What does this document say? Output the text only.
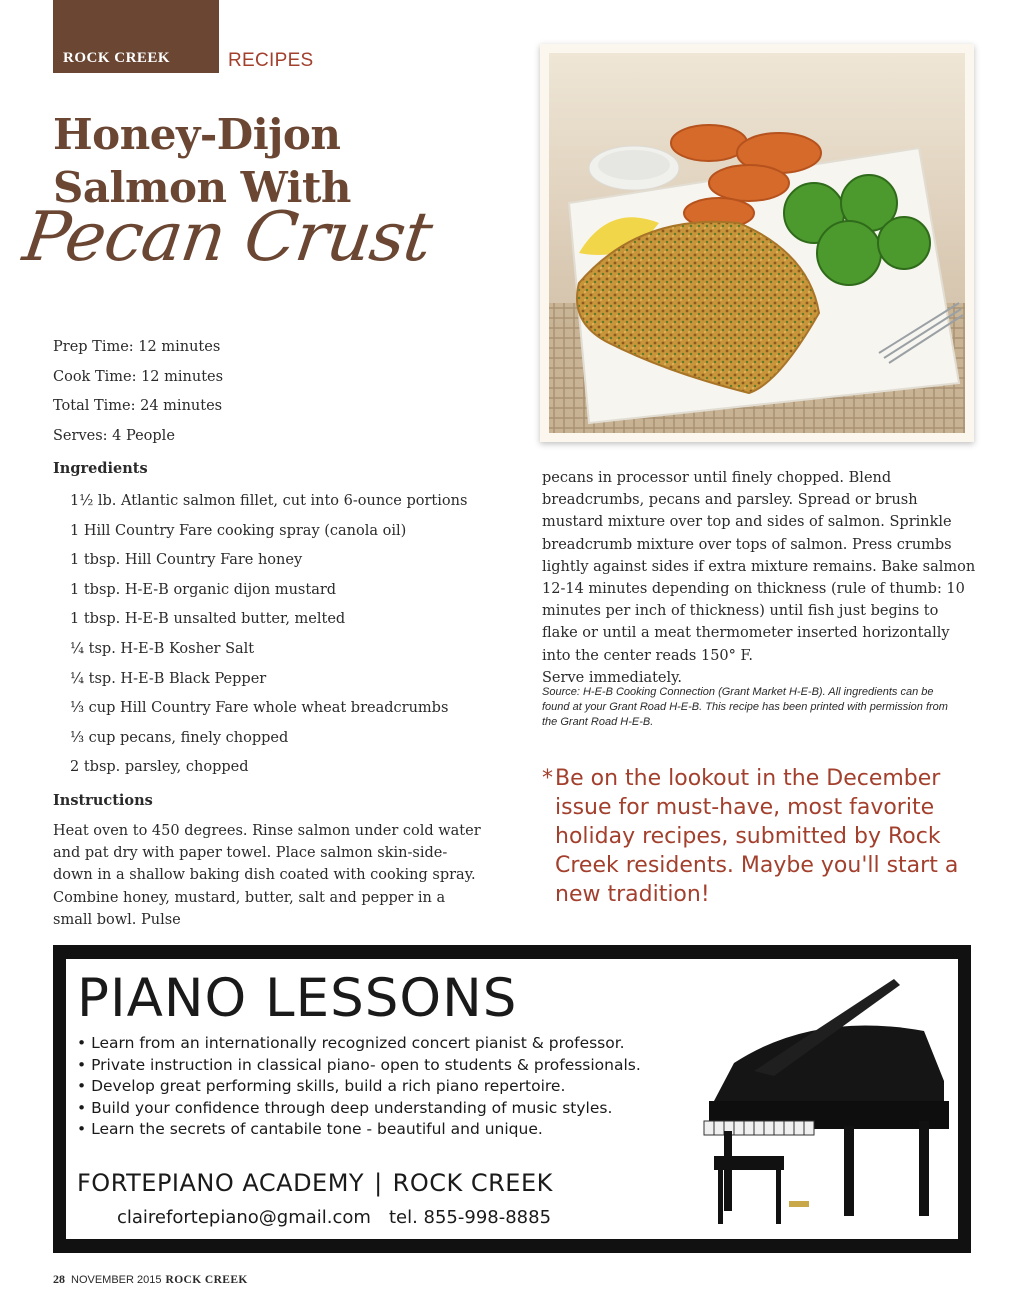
ROCK CREEK	RECIPES
Honey-Dijon
Salmon With
Pecan Crust
Prep Time: 12 minutes
Cook Time: 12 minutes
Total Time: 24 minutes
Serves: 4 People
Ingredients
1½ lb. Atlantic salmon fillet, cut into 6-ounce portions
1 Hill Country Fare cooking spray (canola oil)
1 tbsp. Hill Country Fare honey
1 tbsp. H-E-B organic dijon mustard
1 tbsp. H-E-B unsalted butter, melted
¼ tsp. H-E-B Kosher Salt
¼ tsp. H-E-B Black Pepper
⅓ cup Hill Country Fare whole wheat breadcrumbs
⅓ cup pecans, finely chopped
2 tbsp. parsley, chopped
Instructions

Heat oven to 450 degrees. Rinse salmon under cold water and pat dry with paper towel. Place salmon skin-side-down in a shallow baking dish coated with cooking spray. Combine honey, mustard, butter, salt and pepper in a small bowl. Pulse

pecans in processor until finely chopped. Blend breadcrumbs, pecans and parsley. Spread or brush mustard mixture over top and sides of salmon. Sprinkle breadcrumb mixture over tops of salmon. Press crumbs lightly against sides if extra mixture remains. Bake salmon 12-14 minutes depending on thickness (rule of thumb: 10 minutes per inch of thickness) until fish just begins to flake or until a meat thermometer inserted horizontally into the center reads 150° F.

Serve immediately.

Source: H-E-B Cooking Connection (Grant Market H-E-B). All ingredients can be found at your Grant Road H-E-B. This recipe has been printed with permission from the Grant Road H-E-B.

* Be on the lookout in the December issue for must-have, most favorite holiday recipes, submitted by Rock Creek residents. Maybe you'll start a new tradition!
PIANO LESSONS
• Learn from an internationally recognized concert pianist & professor.
• Private instruction in classical piano- open to students & professionals.
• Develop great performing skills, build a rich piano repertoire.
• Build your confidence through deep understanding of music styles.
• Learn the secrets of cantabile tone - beautiful and unique.
FORTEPIANO ACADEMY | ROCK CREEK
clairefortepiano@gmail.com tel. 855-998-8885
28 NOVEMBER 2015 ROCK CREEK
